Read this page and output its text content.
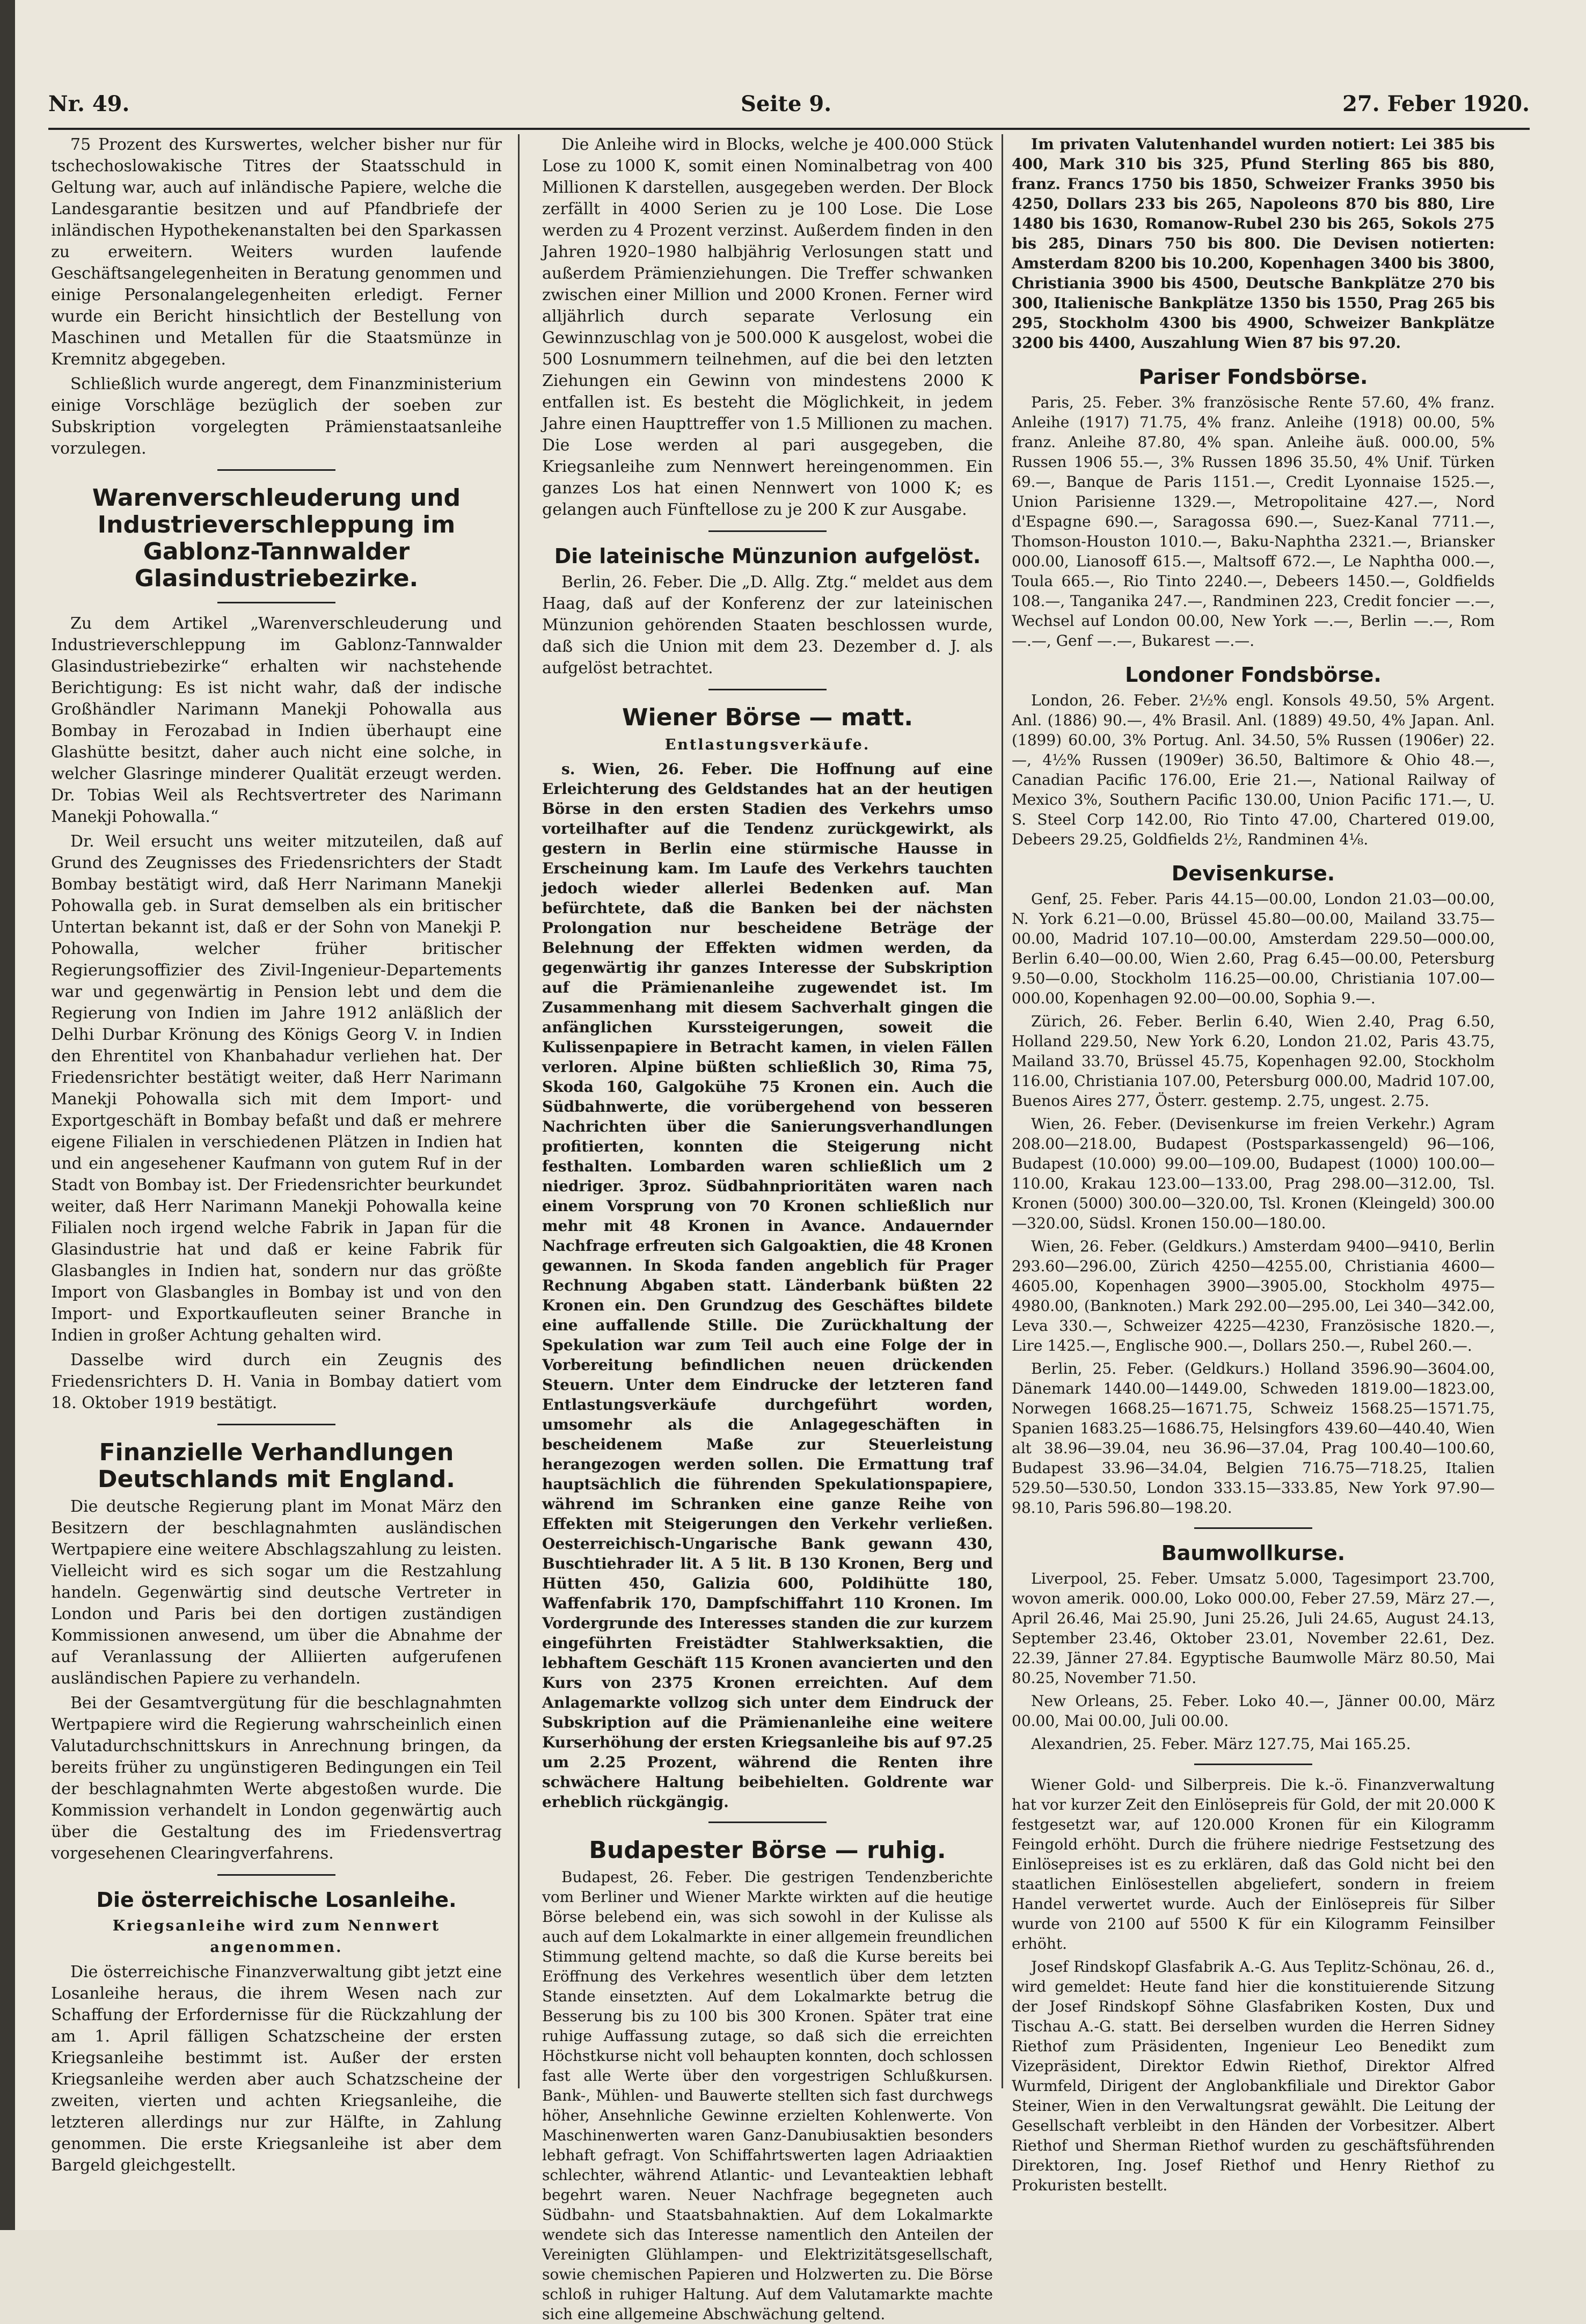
Nr. 49.	Seite 9.	27. Feber 1920.

75 Prozent des Kurswertes, welcher bisher nur für tschechoslowakische Titres der Staatsschuld in Geltung war, auch auf inländische Papiere, welche die Landesgarantie besitzen und auf Pfandbriefe der inländischen Hypothekenanstalten bei den Sparkassen zu erweitern. Weiters wurden laufende Geschäftsangelegenheiten in Beratung genommen und einige Personalangelegenheiten erledigt. Ferner wurde ein Bericht hinsichtlich der Bestellung von Maschinen und Metallen für die Staatsmünze in Kremnitz abgegeben.

Schließlich wurde angeregt, dem Finanzministerium einige Vorschläge bezüglich der soeben zur Subskription vorgelegten Prämienstaatsanleihe vorzulegen.

Warenverschleuderung und Industrieverschleppung im Gablonz-Tannwalder Glasindustriebezirke.

Zu dem Artikel „Warenverschleuderung und Industrieverschleppung im Gablonz-Tannwalder Glasindustriebezirke“ erhalten wir nachstehende Berichtigung: Es ist nicht wahr, daß der indische Großhändler Narimann Manekji Pohowalla aus Bombay in Ferozabad in Indien überhaupt eine Glashütte besitzt, daher auch nicht eine solche, in welcher Glasringe minderer Qualität erzeugt werden. Dr. Tobias Weil als Rechtsvertreter des Narimann Manekji Pohowalla.“

Dr. Weil ersucht uns weiter mitzuteilen, daß auf Grund des Zeugnisses des Friedensrichters der Stadt Bombay bestätigt wird, daß Herr Narimann Manekji Pohowalla geb. in Surat demselben als ein britischer Untertan bekannt ist, daß er der Sohn von Manekji P. Pohowalla, welcher früher britischer Regierungsoffizier des Zivil-Ingenieur-Departements war und gegenwärtig in Pension lebt und dem die Regierung von Indien im Jahre 1912 anläßlich der Delhi Durbar Krönung des Königs Georg V. in Indien den Ehrentitel von Khanbahadur verliehen hat. Der Friedensrichter bestätigt weiter, daß Herr Narimann Manekji Pohowalla sich mit dem Import- und Exportgeschäft in Bombay befaßt und daß er mehrere eigene Filialen in verschiedenen Plätzen in Indien hat und ein angesehener Kaufmann von gutem Ruf in der Stadt von Bombay ist. Der Friedensrichter beurkundet weiter, daß Herr Narimann Manekji Pohowalla keine Filialen noch irgend welche Fabrik in Japan für die Glasindustrie hat und daß er keine Fabrik für Glasbangles in Indien hat, sondern nur das größte Import von Glasbangles in Bombay ist und von den Import- und Exportkaufleuten seiner Branche in Indien in großer Achtung gehalten wird.

Dasselbe wird durch ein Zeugnis des Friedensrichters D. H. Vania in Bombay datiert vom 18. Oktober 1919 bestätigt.

Finanzielle Verhandlungen Deutschlands mit England.

Die deutsche Regierung plant im Monat März den Besitzern der beschlagnahmten ausländischen Wertpapiere eine weitere Abschlagszahlung zu leisten. Vielleicht wird es sich sogar um die Restzahlung handeln. Gegenwärtig sind deutsche Vertreter in London und Paris bei den dortigen zuständigen Kommissionen anwesend, um über die Abnahme der auf Veranlassung der Alliierten aufgerufenen ausländischen Papiere zu verhandeln.

Bei der Gesamtvergütung für die beschlagnahmten Wertpapiere wird die Regierung wahrscheinlich einen Valutadurchschnittskurs in Anrechnung bringen, da bereits früher zu ungünstigeren Bedingungen ein Teil der beschlagnahmten Werte abgestoßen wurde. Die Kommission verhandelt in London gegenwärtig auch über die Gestaltung des im Friedensvertrag vorgesehenen Clearingverfahrens.

Die österreichische Losanleihe.

Kriegsanleihe wird zum Nennwert angenommen.

Die österreichische Finanzverwaltung gibt jetzt eine Losanleihe heraus, die ihrem Wesen nach zur Schaffung der Erfordernisse für die Rückzahlung der am 1. April fälligen Schatzscheine der ersten Kriegsanleihe bestimmt ist. Außer der ersten Kriegsanleihe werden aber auch Schatzscheine der zweiten, vierten und achten Kriegsanleihe, die letzteren allerdings nur zur Hälfte, in Zahlung genommen. Die erste Kriegsanleihe ist aber dem Bargeld gleichgestellt.

Die Anleihe wird in Blocks, welche je 400.000 Stück Lose zu 1000 K, somit einen Nominalbetrag von 400 Millionen K darstellen, ausgegeben werden. Der Block zerfällt in 4000 Serien zu je 100 Lose. Die Lose werden zu 4 Prozent verzinst. Außerdem finden in den Jahren 1920–1980 halbjährig Verlosungen statt und außerdem Prämienziehungen. Die Treffer schwanken zwischen einer Million und 2000 Kronen. Ferner wird alljährlich durch separate Verlosung ein Gewinnzuschlag von je 500.000 K ausgelost, wobei die 500 Losnummern teilnehmen, auf die bei den letzten Ziehungen ein Gewinn von mindestens 2000 K entfallen ist. Es besteht die Möglichkeit, in jedem Jahre einen Haupttreffer von 1.5 Millionen zu machen. Die Lose werden al pari ausgegeben, die Kriegsanleihe zum Nennwert hereingenommen. Ein ganzes Los hat einen Nennwert von 1000 K; es gelangen auch Fünftellose zu je 200 K zur Ausgabe.

Die lateinische Münzunion aufgelöst.

Berlin, 26. Feber. Die „D. Allg. Ztg.“ meldet aus dem Haag, daß auf der Konferenz der zur lateinischen Münzunion gehörenden Staaten beschlossen wurde, daß sich die Union mit dem 23. Dezember d. J. als aufgelöst betrachtet.

Wiener Börse — matt.

Entlastungsverkäufe.

s. Wien, 26. Feber. Die Hoffnung auf eine Erleichterung des Geldstandes hat an der heutigen Börse in den ersten Stadien des Verkehrs umso vorteilhafter auf die Tendenz zurückgewirkt, als gestern in Berlin eine stürmische Hausse in Erscheinung kam. Im Laufe des Verkehrs tauchten jedoch wieder allerlei Bedenken auf. Man befürchtete, daß die Banken bei der nächsten Prolongation nur bescheidene Beträge der Belehnung der Effekten widmen werden, da gegenwärtig ihr ganzes Interesse der Subskription auf die Prämienanleihe zugewendet ist. Im Zusammenhang mit diesem Sachverhalt gingen die anfänglichen Kurssteigerungen, soweit die Kulissenpapiere in Betracht kamen, in vielen Fällen verloren. Alpine büßten schließlich 30, Rima 75, Skoda 160, Galgokühe 75 Kronen ein. Auch die Südbahnwerte, die vorübergehend von besseren Nachrichten über die Sanierungsverhandlungen profitierten, konnten die Steigerung nicht festhalten. Lombarden waren schließlich um 2 niedriger. 3proz. Südbahnprioritäten waren nach einem Vorsprung von 70 Kronen schließlich nur mehr mit 48 Kronen in Avance. Andauernder Nachfrage erfreuten sich Galgoaktien, die 48 Kronen gewannen. In Skoda fanden angeblich für Prager Rechnung Abgaben statt. Länderbank büßten 22 Kronen ein. Den Grundzug des Geschäftes bildete eine auffallende Stille. Die Zurückhaltung der Spekulation war zum Teil auch eine Folge der in Vorbereitung befindlichen neuen drückenden Steuern. Unter dem Eindrucke der letzteren fand Entlastungsverkäufe durchgeführt worden, umsomehr als die Anlagegeschäften in bescheidenem Maße zur Steuerleistung herangezogen werden sollen. Die Ermattung traf hauptsächlich die führenden Spekulationspapiere, während im Schranken eine ganze Reihe von Effekten mit Steigerungen den Verkehr verließen. Oesterreichisch-Ungarische Bank gewann 430, Buschtiehrader lit. A 5 lit. B 130 Kronen, Berg und Hütten 450, Galizia 600, Poldihütte 180, Waffenfabrik 170, Dampfschiffahrt 110 Kronen. Im Vordergrunde des Interesses standen die zur kurzem eingeführten Freistädter Stahlwerksaktien, die lebhaftem Geschäft 115 Kronen avancierten und den Kurs von 2375 Kronen erreichten. Auf dem Anlagemarkte vollzog sich unter dem Eindruck der Subskription auf die Prämienanleihe eine weitere Kurserhöhung der ersten Kriegsanleihe bis auf 97.25 um 2.25 Prozent, während die Renten ihre schwächere Haltung beibehielten. Goldrente war erheblich rückgängig.

Budapester Börse — ruhig.

Budapest, 26. Feber. Die gestrigen Tendenzberichte vom Berliner und Wiener Markte wirkten auf die heutige Börse belebend ein, was sich sowohl in der Kulisse als auch auf dem Lokalmarkte in einer allgemein freundlichen Stimmung geltend machte, so daß die Kurse bereits bei Eröffnung des Verkehres wesentlich über dem letzten Stande einsetzten. Auf dem Lokalmarkte betrug die Besserung bis zu 100 bis 300 Kronen. Später trat eine ruhige Auffassung zutage, so daß sich die erreichten Höchstkurse nicht voll behaupten konnten, doch schlossen fast alle Werte über den vorgestrigen Schlußkursen. Bank-, Mühlen- und Bauwerte stellten sich fast durchwegs höher, Ansehnliche Gewinne erzielten Kohlenwerte. Von Maschinenwerten waren Ganz-Danubiusaktien besonders lebhaft gefragt. Von Schiffahrtswerten lagen Adriaaktien schlechter, während Atlantic- und Levanteaktien lebhaft begehrt waren. Neuer Nachfrage begegneten auch Südbahn- und Staatsbahnaktien. Auf dem Lokalmarkte wendete sich das Interesse namentlich den Anteilen der Vereinigten Glühlampen- und Elektrizitätsgesellschaft, sowie chemischen Papieren und Holzwerten zu. Die Börse schloß in ruhiger Haltung. Auf dem Valutamarkte machte sich eine allgemeine Abschwächung geltend.

Im privaten Valutenhandel wurden notiert: Lei 385 bis 400, Mark 310 bis 325, Pfund Sterling 865 bis 880, franz. Francs 1750 bis 1850, Schweizer Franks 3950 bis 4250, Dollars 233 bis 265, Napoleons 870 bis 880, Lire 1480 bis 1630, Romanow-Rubel 230 bis 265, Sokols 275 bis 285, Dinars 750 bis 800. Die Devisen notierten: Amsterdam 8200 bis 10.200, Kopenhagen 3400 bis 3800, Christiania 3900 bis 4500, Deutsche Bankplätze 270 bis 300, Italienische Bankplätze 1350 bis 1550, Prag 265 bis 295, Stockholm 4300 bis 4900, Schweizer Bankplätze 3200 bis 4400, Auszahlung Wien 87 bis 97.20.

Pariser Fondsbörse.

Paris, 25. Feber. 3% französische Rente 57.60, 4% franz. Anleihe (1917) 71.75, 4% franz. Anleihe (1918) 00.00, 5% franz. Anleihe 87.80, 4% span. Anleihe äuß. 000.00, 5% Russen 1906 55.—, 3% Russen 1896 35.50, 4% Unif. Türken 69.—, Banque de Paris 1151.—, Credit Lyonnaise 1525.—, Union Parisienne 1329.—, Metropolitaine 427.—, Nord d'Espagne 690.—, Saragossa 690.—, Suez-Kanal 7711.—, Thomson-Houston 1010.—, Baku-Naphtha 2321.—, Briansker 000.00, Lianosoff 615.—, Maltsoff 672.—, Le Naphtha 000.—, Toula 665.—, Rio Tinto 2240.—, Debeers 1450.—, Goldfields 108.—, Tanganika 247.—, Randminen 223, Credit foncier —.—, Wechsel auf London 00.00, New York —.—, Berlin —.—, Rom —.—, Genf —.—, Bukarest —.—.

Londoner Fondsbörse.

London, 26. Feber. 2½% engl. Konsols 49.50, 5% Argent. Anl. (1886) 90.—, 4% Brasil. Anl. (1889) 49.50, 4% Japan. Anl. (1899) 60.00, 3% Portug. Anl. 34.50, 5% Russen (1906er) 22.—, 4½% Russen (1909er) 36.50, Baltimore & Ohio 48.—, Canadian Pacific 176.00, Erie 21.—, National Railway of Mexico 3%, Southern Pacific 130.00, Union Pacific 171.—, U. S. Steel Corp 142.00, Rio Tinto 47.00, Chartered 019.00, Debeers 29.25, Goldfields 2½, Randminen 4⅛.

Devisenkurse.

Genf, 25. Feber. Paris 44.15—00.00, London 21.03—00.00, N. York 6.21—0.00, Brüssel 45.80—00.00, Mailand 33.75—00.00, Madrid 107.10—00.00, Amsterdam 229.50—000.00, Berlin 6.40—00.00, Wien 2.60, Prag 6.45—00.00, Petersburg 9.50—0.00, Stockholm 116.25—00.00, Christiania 107.00—000.00, Kopenhagen 92.00—00.00, Sophia 9.—.

Zürich, 26. Feber. Berlin 6.40, Wien 2.40, Prag 6.50, Holland 229.50, New York 6.20, London 21.02, Paris 43.75, Mailand 33.70, Brüssel 45.75, Kopenhagen 92.00, Stockholm 116.00, Christiania 107.00, Petersburg 000.00, Madrid 107.00, Buenos Aires 277, Österr. gestemp. 2.75, ungest. 2.75.

Wien, 26. Feber. (Devisenkurse im freien Verkehr.) Agram 208.00—218.00, Budapest (Postsparkassengeld) 96—106, Budapest (10.000) 99.00—109.00, Budapest (1000) 100.00—110.00, Krakau 123.00—133.00, Prag 298.00—312.00, Tsl. Kronen (5000) 300.00—320.00, Tsl. Kronen (Kleingeld) 300.00—320.00, Südsl. Kronen 150.00—180.00.

Wien, 26. Feber. (Geldkurs.) Amsterdam 9400—9410, Berlin 293.60—296.00, Zürich 4250—4255.00, Christiania 4600—4605.00, Kopenhagen 3900—3905.00, Stockholm 4975—4980.00, (Banknoten.) Mark 292.00—295.00, Lei 340—342.00, Leva 330.—, Schweizer 4225—4230, Französische 1820.—, Lire 1425.—, Englische 900.—, Dollars 250.—, Rubel 260.—.

Berlin, 25. Feber. (Geldkurs.) Holland 3596.90—3604.00, Dänemark 1440.00—1449.00, Schweden 1819.00—1823.00, Norwegen 1668.25—1671.75, Schweiz 1568.25—1571.75, Spanien 1683.25—1686.75, Helsingfors 439.60—440.40, Wien alt 38.96—39.04, neu 36.96—37.04, Prag 100.40—100.60, Budapest 33.96—34.04, Belgien 716.75—718.25, Italien 529.50—530.50, London 333.15—333.85, New York 97.90—98.10, Paris 596.80—198.20.

Baumwollkurse.

Liverpool, 25. Feber. Umsatz 5.000, Tagesimport 23.700, wovon amerik. 000.00, Loko 000.00, Feber 27.59, März 27.—, April 26.46, Mai 25.90, Juni 25.26, Juli 24.65, August 24.13, September 23.46, Oktober 23.01, November 22.61, Dez. 22.39, Jänner 27.84. Egyptische Baumwolle März 80.50, Mai 80.25, November 71.50.

New Orleans, 25. Feber. Loko 40.—, Jänner 00.00, März 00.00, Mai 00.00, Juli 00.00.

Alexandrien, 25. Feber. März 127.75, Mai 165.25.

Wiener Gold- und Silberpreis. Die k.-ö. Finanzverwaltung hat vor kurzer Zeit den Einlösepreis für Gold, der mit 20.000 K festgesetzt war, auf 120.000 Kronen für ein Kilogramm Feingold erhöht. Durch die frühere niedrige Festsetzung des Einlösepreises ist es zu erklären, daß das Gold nicht bei den staatlichen Einlösestellen abgeliefert, sondern in freiem Handel verwertet wurde. Auch der Einlösepreis für Silber wurde von 2100 auf 5500 K für ein Kilogramm Feinsilber erhöht.

Josef Rindskopf Glasfabrik A.-G. Aus Teplitz-Schönau, 26. d., wird gemeldet: Heute fand hier die konstituierende Sitzung der Josef Rindskopf Söhne Glasfabriken Kosten, Dux und Tischau A.-G. statt. Bei derselben wurden die Herren Sidney Riethof zum Präsidenten, Ingenieur Leo Benedikt zum Vizepräsident, Direktor Edwin Riethof, Direktor Alfred Wurmfeld, Dirigent der Anglobankfiliale und Direktor Gabor Steiner, Wien in den Verwaltungsrat gewählt. Die Leitung der Gesellschaft verbleibt in den Händen der Vorbesitzer. Albert Riethof und Sherman Riethof wurden zu geschäftsführenden Direktoren, Ing. Josef Riethof und Henry Riethof zu Prokuristen bestellt.
